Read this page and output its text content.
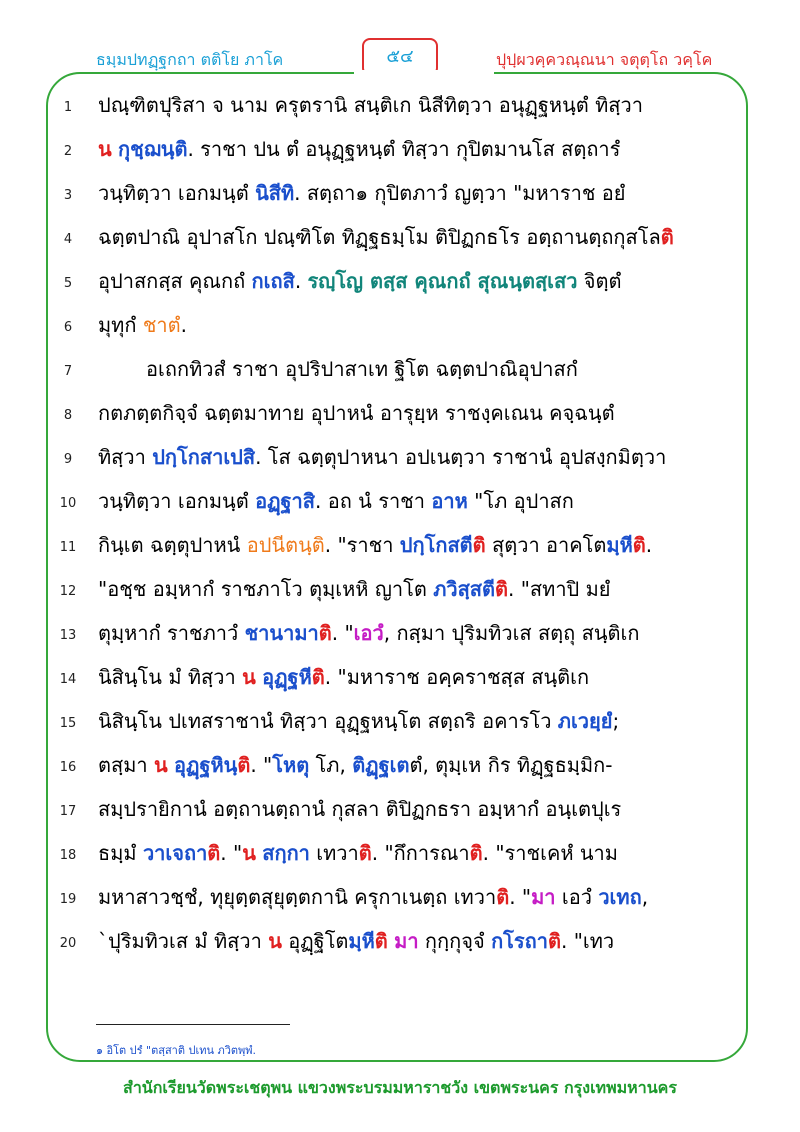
ธมฺมปทฏฺฐกถา ตติโย ภาโค	๕๔	ปุปฺผวคฺควณฺณนา จตุตฺโถ วคฺโค
1	ปณฺฑิตปุริสา จ นาม ครุตรานิ สนฺติเก นิสีทิตฺวา อนุฏฺฐหนฺตํ ทิสฺวา
2	น กุชฺฌนฺติ. ราชา ปน ตํ อนุฏฺฐหนฺตํ ทิสฺวา กุปิตมานโส สตฺถารํ
3	วนฺทิตฺวา เอกมนฺตํ นิสีทิ. สตฺถา๑ กุปิตภาวํ ญตฺวา "มหาราช อยํ
4	ฉตฺตปาณิ อุปาสโก ปณฺฑิโต ทิฏฺฐธมฺโม ติปิฏกธโร อตฺถานตฺถกุสโลติ
5	อุปาสกสฺส คุณกถํ กเถสิ. รญฺโญ ตสฺส คุณกถํ สุณนฺตสฺเสว จิตฺตํ
6	มุทุกํ ชาตํ.
7	อเถกทิวสํ ราชา อุปริปาสาเท ฐิโต ฉตฺตปาณิอุปาสกํ
8	กตภตฺตกิจฺจํ ฉตฺตมาทาย อุปาหนํ อารุยฺห ราชงฺคเณน คจฺฉนฺตํ
9	ทิสฺวา ปกฺโกสาเปสิ. โส ฉตฺตุปาหนา อปเนตฺวา ราชานํ อุปสงฺกมิตฺวา
10 วนฺทิตฺวา เอกมนฺตํ อฏฺฐาสิ. อถ นํ ราชา อาห "โภ อุปาสก
11 กินฺเต ฉตฺตุปาหนํ อปนีตนฺติ. "ราชา ปกฺโกสตีติ สุตฺวา อาคโตมฺหีติ.
12 "อชฺช อมฺหากํ ราชภาโว ตุมฺเหหิ ญาโต ภวิสฺสตีติ. "สทาปิ มยํ
13 ตุมฺหากํ ราชภาวํ ชานามาติ. "เอวํ, กสฺมา ปุริมทิวเส สตฺถุ สนฺติเก
14 นิสินฺโน มํ ทิสฺวา น อุฏฺฐหีติ. "มหาราช อคฺคราชสฺส สนฺติเก
15 นิสินฺโน ปเทสราชานํ ทิสฺวา อุฏฺฐหนฺโต สตฺถริ อคารโว ภเวยฺยํ;
16 ตสฺมา น อุฏฺฐหินฺติ. "โหตุ โภ, ติฏฺฐเตตํ, ตุมฺเห กิร ทิฏฺฐธมฺมิก-
17 สมฺปรายิกานํ อตฺถานตฺถานํ กุสลา ติปิฏกธรา อมฺหากํ อนฺเตปุเร
18 ธมฺมํ วาเจถาติ. "น สกฺกา เทวาติ. "กึการณาติ. "ราชเคหํ นาม
19 มหาสาวชฺชํ, ทุยุตฺตสุยุตฺตกานิ ครุกาเนตฺถ เทวาติ. "มา เอวํ วเทถ,
20 `ปุริมทิวเส มํ ทิสฺวา น อุฏฺฐิโตมฺหีติ มา กุกฺกุจฺจํ กโรถาติ. "เทว
๑ อิโต ปรํ "ตสฺสาติ ปเทน ภวิตพฺพํ.
สำนักเรียนวัดพระเชตุพน แขวงพระบรมมหาราชวัง เขตพระนคร กรุงเทพมหานคร
